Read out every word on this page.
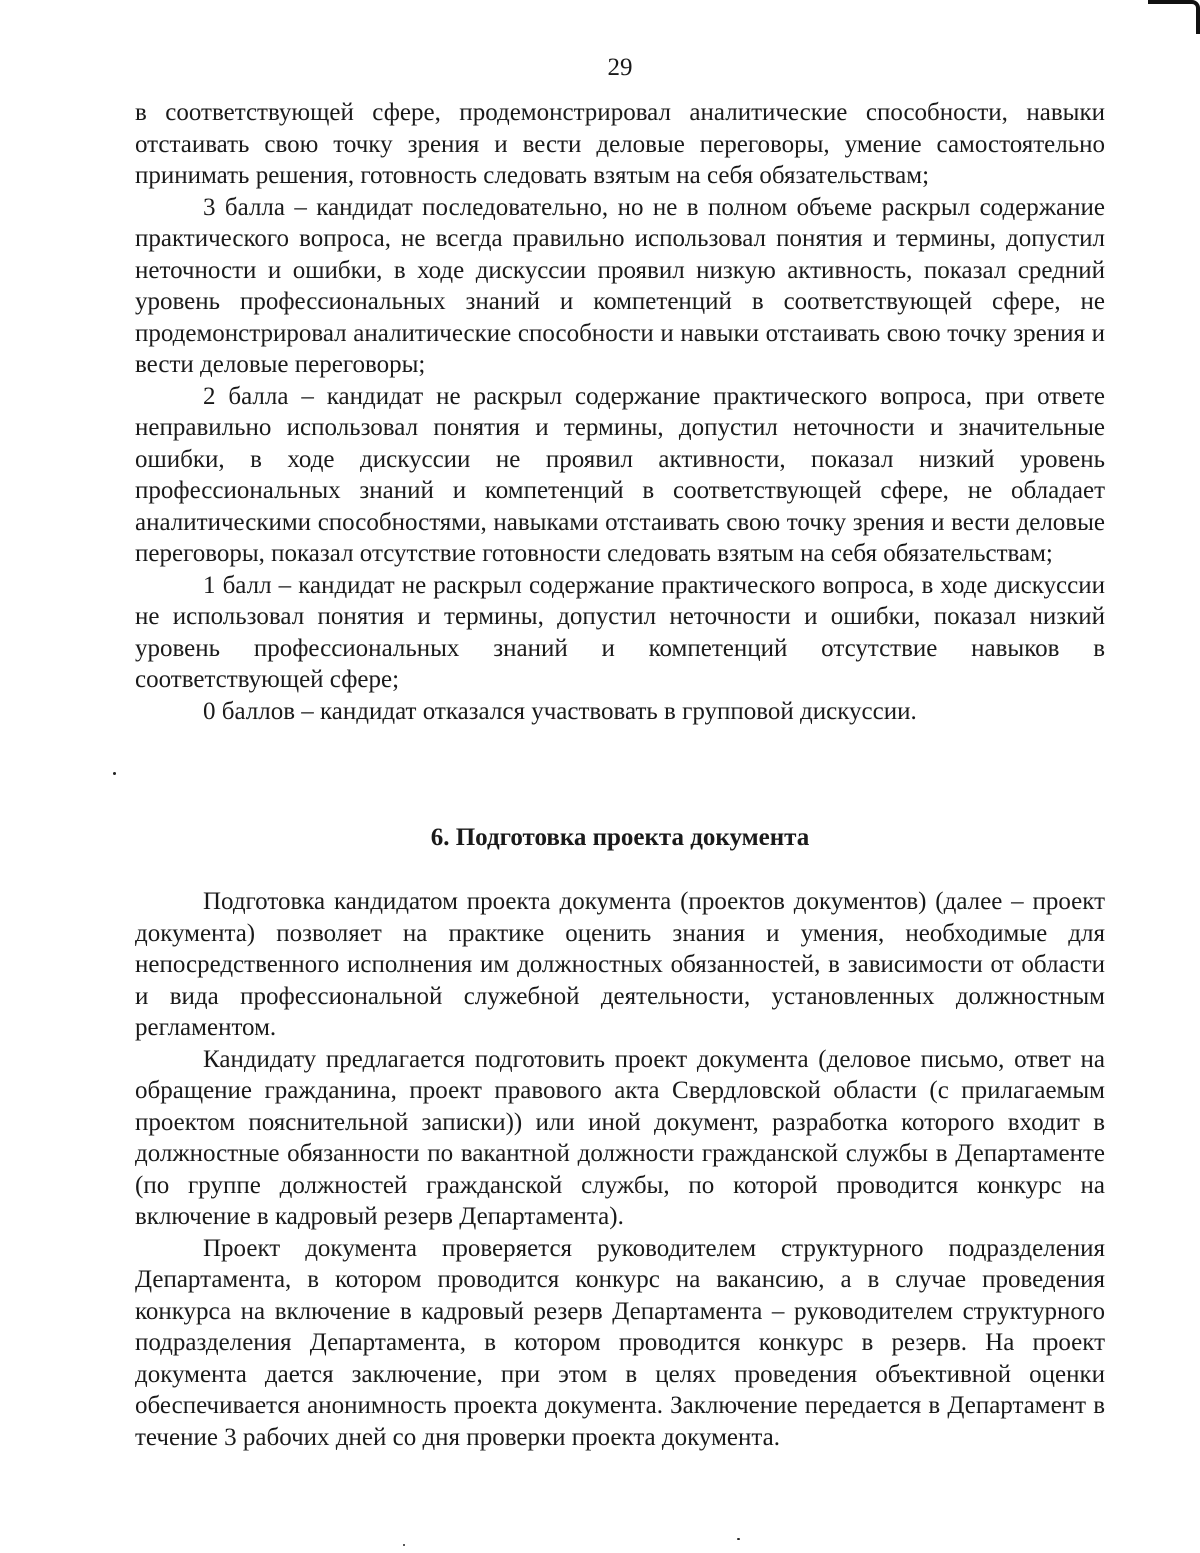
29

в соответствующей сфере, продемонстрировал аналитические способности, навыки отстаивать свою точку зрения и вести деловые переговоры, умение самостоятельно принимать решения, готовность следовать взятым на себя обязательствам;

3 балла – кандидат последовательно, но не в полном объеме раскрыл содержание практического вопроса, не всегда правильно использовал понятия и термины, допустил неточности и ошибки, в ходе дискуссии проявил низкую активность, показал средний уровень профессиональных знаний и компетенций в соответствующей сфере, не продемонстрировал аналитические способности и навыки отстаивать свою точку зрения и вести деловые переговоры;

2 балла – кандидат не раскрыл содержание практического вопроса, при ответе неправильно использовал понятия и термины, допустил неточности и значительные ошибки, в ходе дискуссии не проявил активности, показал низкий уровень профессиональных знаний и компетенций в соответствующей сфере, не обладает аналитическими способностями, навыками отстаивать свою точку зрения и вести деловые переговоры, показал отсутствие готовности следовать взятым на себя обязательствам;

1 балл – кандидат не раскрыл содержание практического вопроса, в ходе дискуссии не использовал понятия и термины, допустил неточности и ошибки, показал низкий уровень профессиональных знаний и компетенций отсутствие навыков в соответствующей сфере;

0 баллов – кандидат отказался участвовать в групповой дискуссии.

6. Подготовка проекта документа

Подготовка кандидатом проекта документа (проектов документов) (далее – проект документа) позволяет на практике оценить знания и умения, необходимые для непосредственного исполнения им должностных обязанностей, в зависимости от области и вида профессиональной служебной деятельности, установленных должностным регламентом.

Кандидату предлагается подготовить проект документа (деловое письмо, ответ на обращение гражданина, проект правового акта Свердловской области (с прилагаемым проектом пояснительной записки)) или иной документ, разработка которого входит в должностные обязанности по вакантной должности гражданской службы в Департаменте (по группе должностей гражданской службы, по которой проводится конкурс на включение в кадровый резерв Департамента).

Проект документа проверяется руководителем структурного подразделения Департамента, в котором проводится конкурс на вакансию, а в случае проведения конкурса на включение в кадровый резерв Департамента – руководителем структурного подразделения Департамента, в котором проводится конкурс в резерв. На проект документа дается заключение, при этом в целях проведения объективной оценки обеспечивается анонимность проекта документа. Заключение передается в Департамент в течение 3 рабочих дней со дня проверки проекта документа.
